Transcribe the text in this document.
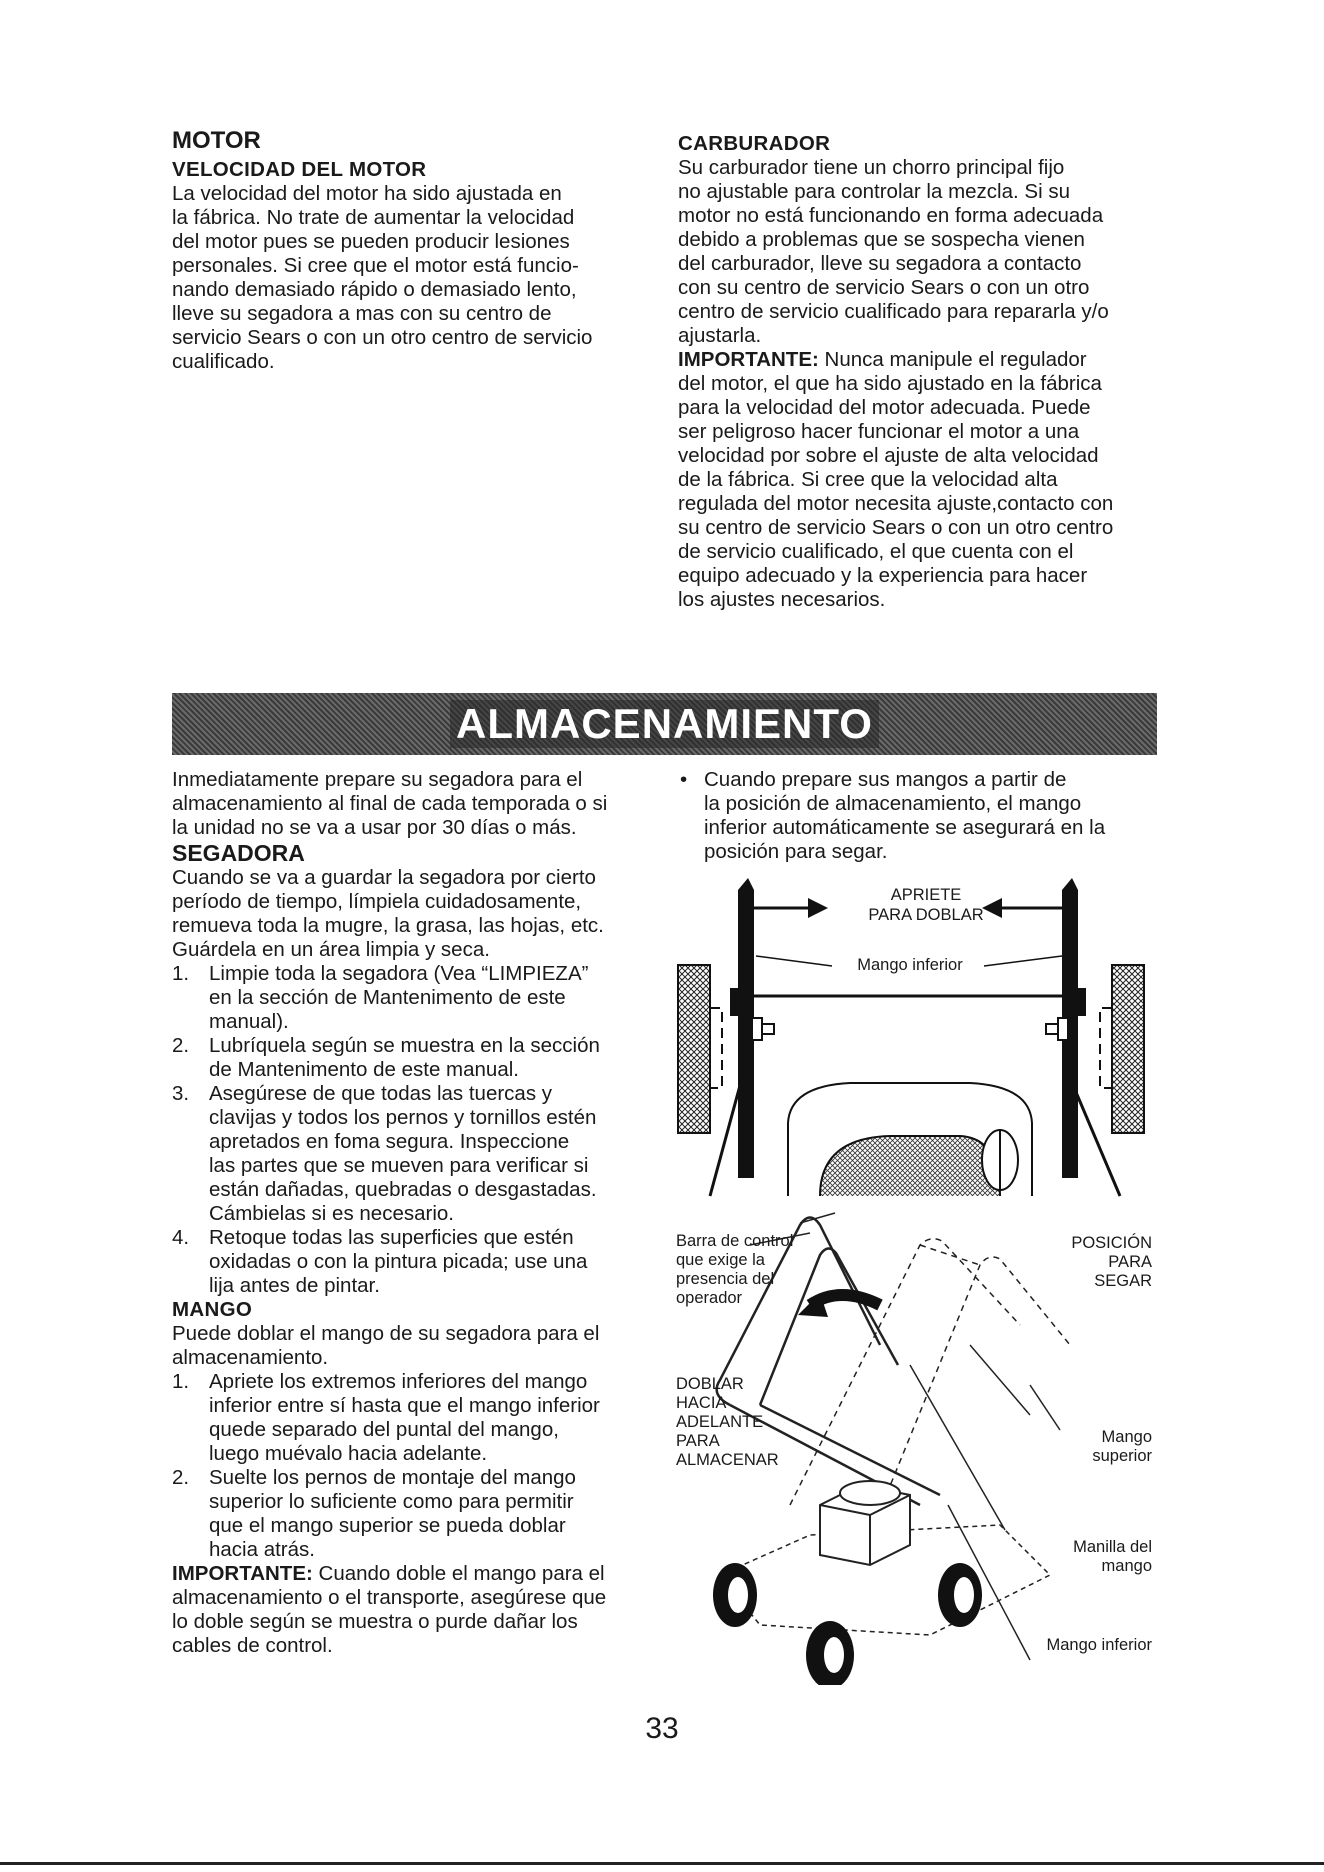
MOTOR
VELOCIDAD DEL MOTOR

La velocidad del motor ha sido ajustada en

la fábrica. No trate de aumentar la velocidad

del motor pues se pueden producir lesiones

personales. Si cree que el motor está funcio-

nando demasiado rápido o demasiado lento,

lleve su segadora a mas con su centro de

servicio Sears o con un otro centro de servicio

cualificado.

CARBURADOR

Su carburador tiene un chorro principal fijo

no ajustable para controlar la mezcla. Si su

motor no está funcionando en forma adecuada

debido a problemas que se sospecha vienen

del carburador, lleve su segadora a contacto

con su centro de servicio Sears o con un otro

centro de servicio cualificado para repararla y/o

ajustarla.

IMPORTANTE: Nunca manipule el regulador

del motor, el que ha sido ajustado en la fábrica

para la velocidad del motor adecuada. Puede

ser peligroso hacer funcionar el motor a una

velocidad por sobre el ajuste de alta velocidad

de la fábrica. Si cree que la velocidad alta

regulada del motor necesita ajuste,contacto con

su centro de servicio Sears o con un otro centro

de servicio cualificado, el que cuenta con el

equipo adecuado y la experiencia para hacer

los ajustes necesarios.

ALMACENAMIENTO

Inmediatamente prepare su segadora para el

almacenamiento al final de cada temporada o si

la unidad no se va a usar por 30 días o más.

SEGADORA

Cuando se va a guardar la segadora por cierto

período de tiempo, límpiela cuidadosamente,

remueva toda la mugre, la grasa, las hojas, etc.

Guárdela en un área limpia y seca.

1. Limpie toda la segadora (Vea “LIMPIEZA”

en la sección de Mantenimento de este

manual).

2. Lubríquela según se muestra en la sección

de Mantenimento de este manual.

3. Asegúrese de que todas las tuercas y

clavijas y todos los pernos y tornillos estén

apretados en foma segura. Inspeccione

las partes que se mueven para verificar si

están dañadas, quebradas o desgastadas.

Cámbielas si es necesario.

4. Retoque todas las superficies que estén

oxidadas o con la pintura picada; use una

lija antes de pintar.

MANGO

Puede doblar el mango de su segadora para el

almacenamiento.

1. Apriete los extremos inferiores del mango

inferior entre sí hasta que el mango inferior

quede separado del puntal del mango,

luego muévalo hacia adelante.

2. Suelte los pernos de montaje del mango

superior lo suficiente como para permitir

que el mango superior se pueda doblar

hacia atrás.

IMPORTANTE: Cuando doble el mango para el

almacenamiento o el transporte, asegúrese que

lo doble según se muestra o purde dañar los

cables de control.

• Cuando prepare sus mangos a partir de

la posición de almacenamiento, el mango

inferior automáticamente se asegurará en la

posición para segar.

APRIETE
PARA DOBLAR
Mango inferior

Barra de control

que exige la

presencia del

operador

POSICIÓN

PARA

SEGAR

DOBLAR

HACIA

ADELANTE

PARA

ALMACENAR

Mango

superior

Manilla del

mango

Mango inferior
33
